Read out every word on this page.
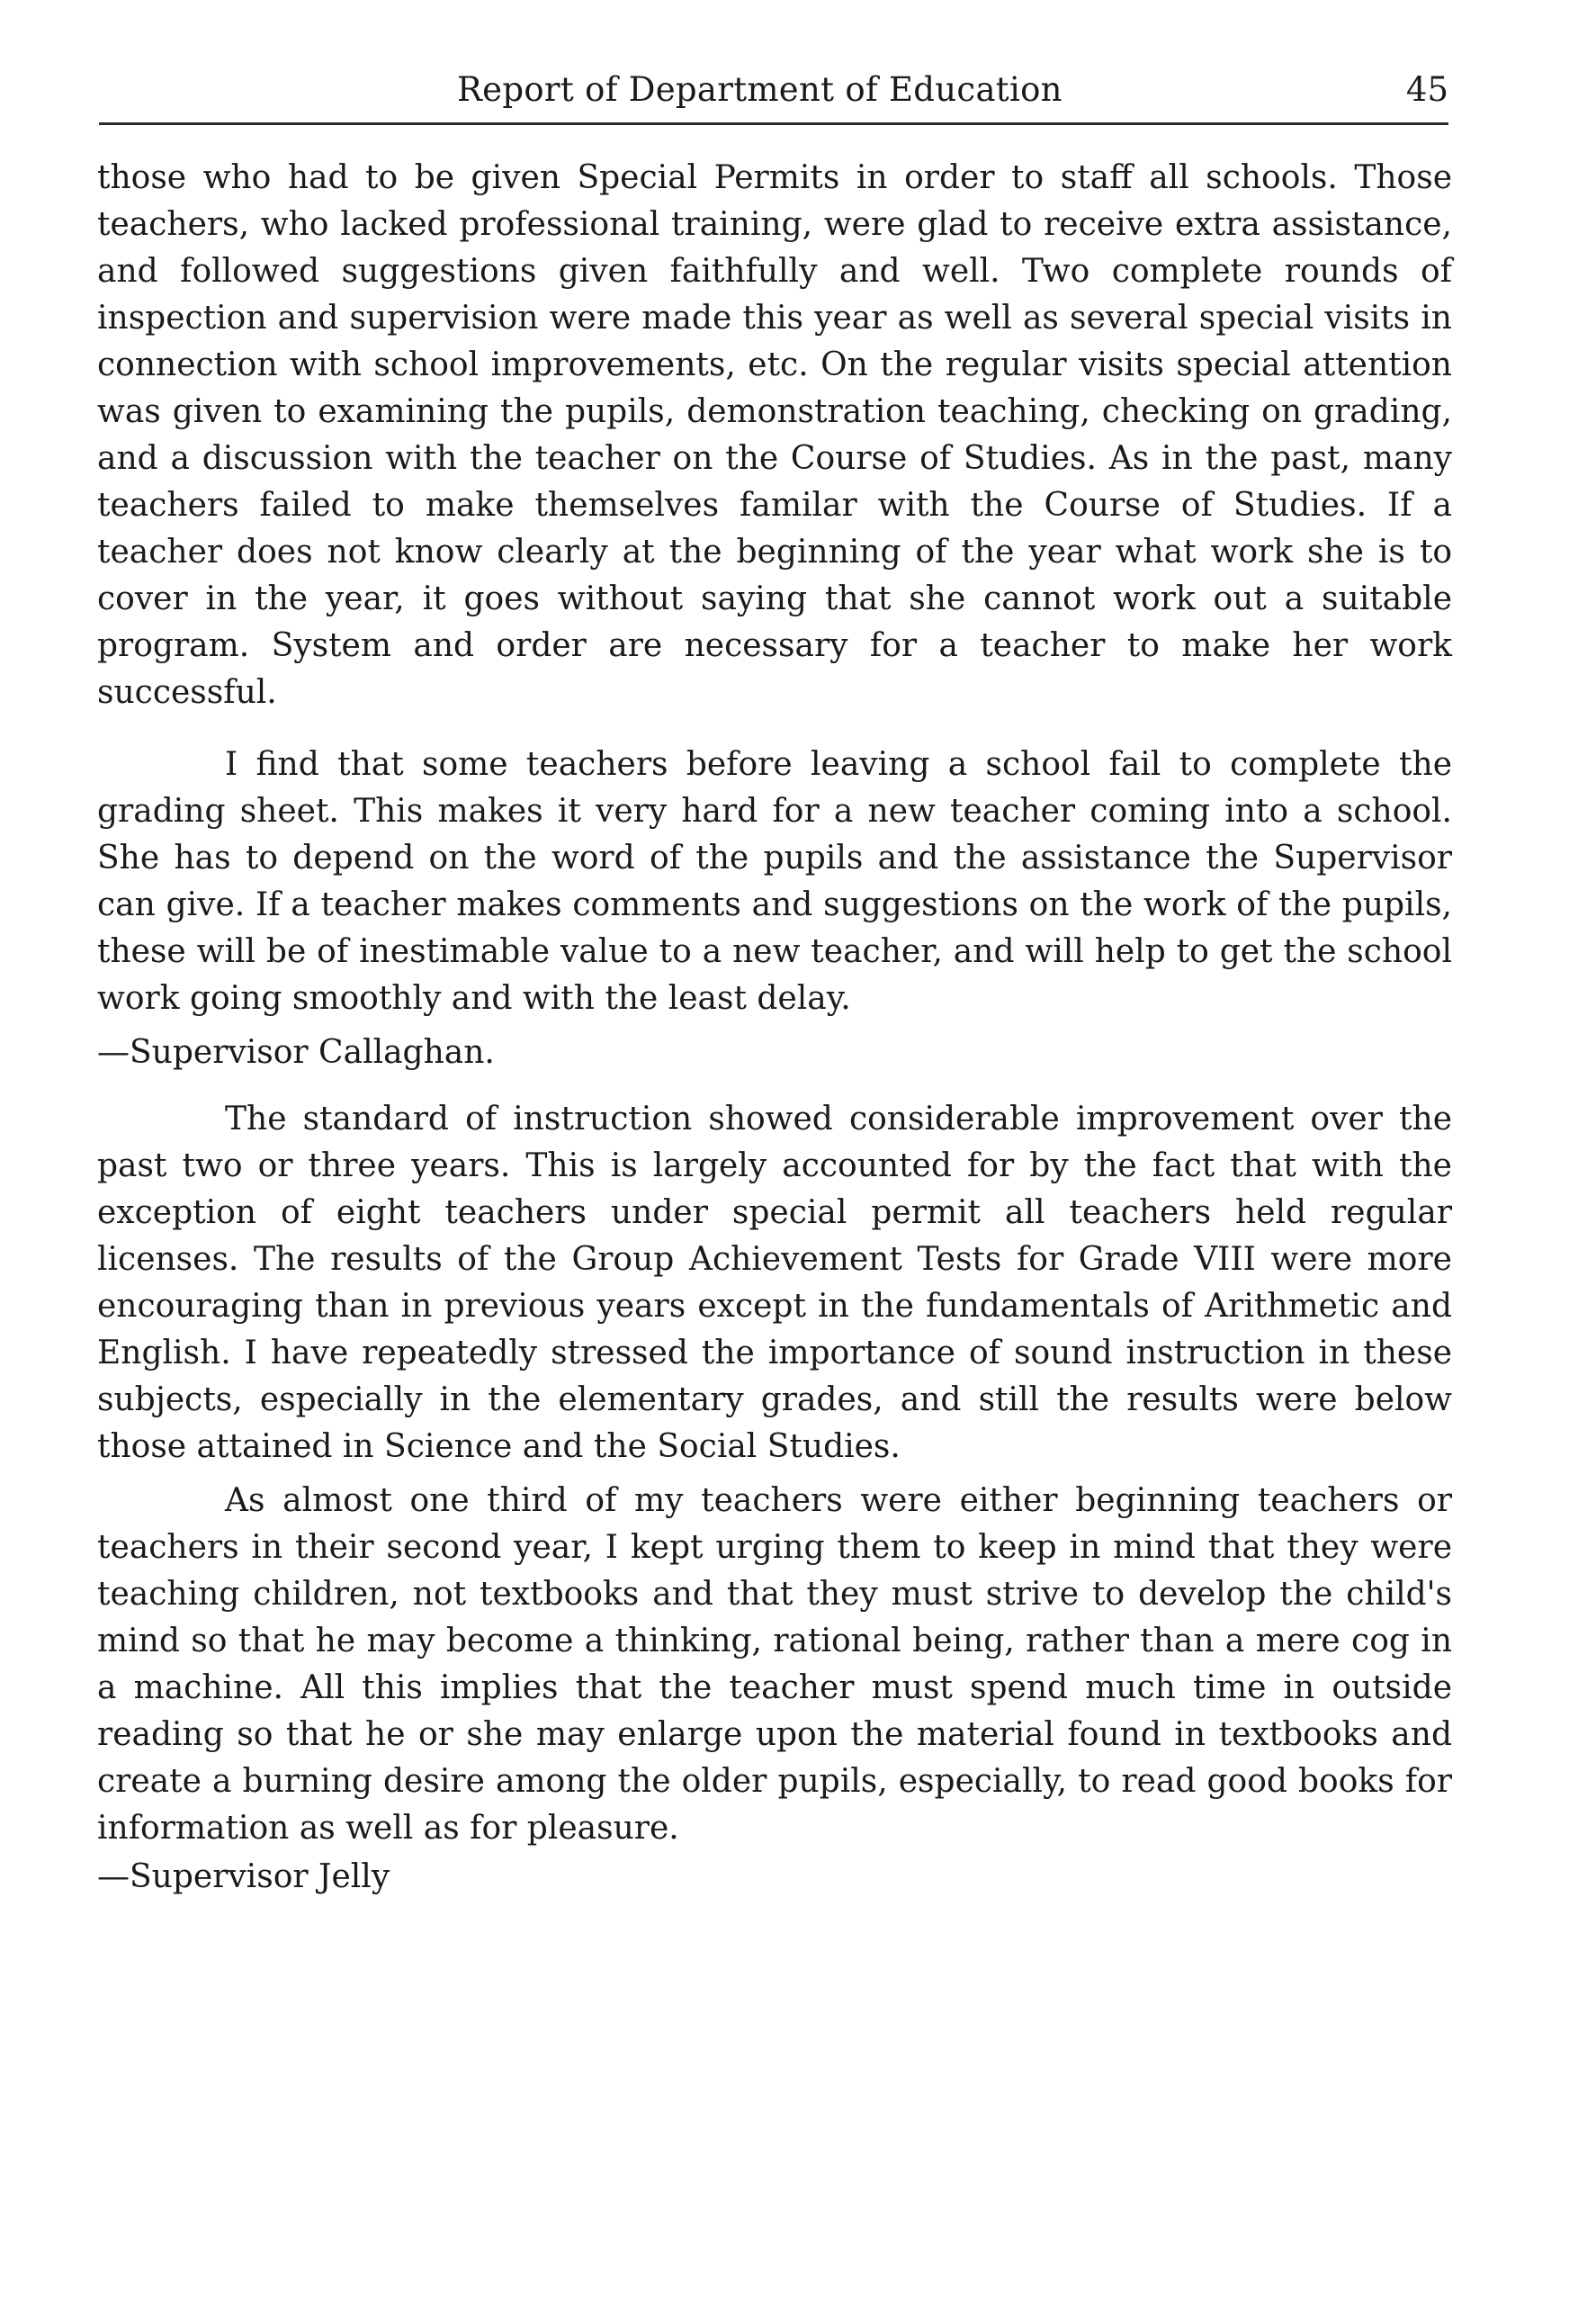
Report of Department of Education	45

those who had to be given Special Permits in order to staff all schools. Those teachers, who lacked professional training, were glad to receive extra assistance, and followed suggestions given faithfully and well. Two complete rounds of inspection and supervision were made this year as well as several special visits in connection with school improvements, etc. On the regular visits special attention was given to examining the pupils, demonstration teaching, checking on grading, and a discussion with the teacher on the Course of Studies. As in the past, many teachers failed to make themselves familar with the Course of Studies. If a teacher does not know clearly at the beginning of the year what work she is to cover in the year, it goes without saying that she cannot work out a suitable program. System and order are necessary for a teacher to make her work successful.

I find that some teachers before leaving a school fail to complete the grading sheet. This makes it very hard for a new teacher coming into a school. She has to depend on the word of the pupils and the assistance the Supervisor can give. If a teacher makes comments and suggestions on the work of the pupils, these will be of inestimable value to a new teacher, and will help to get the school work going smoothly and with the least delay.

—Supervisor Callaghan.

The standard of instruction showed considerable improvement over the past two or three years. This is largely accounted for by the fact that with the exception of eight teachers under special permit all teachers held regular licenses. The results of the Group Achievement Tests for Grade VIII were more encouraging than in previous years except in the fundamentals of Arithmetic and English. I have repeatedly stressed the importance of sound instruction in these subjects, especially in the elementary grades, and still the results were below those attained in Science and the Social Studies.

As almost one third of my teachers were either beginning teachers or teachers in their second year, I kept urging them to keep in mind that they were teaching children, not textbooks and that they must strive to develop the child's mind so that he may become a thinking, rational being, rather than a mere cog in a machine. All this implies that the teacher must spend much time in outside reading so that he or she may enlarge upon the material found in textbooks and create a burning desire among the older pupils, especially, to read good books for information as well as for pleasure.

—Supervisor Jelly
